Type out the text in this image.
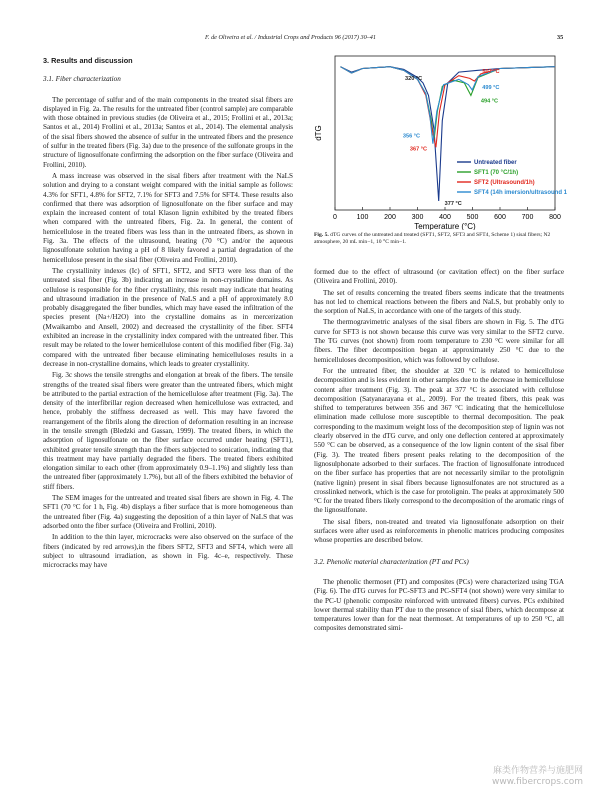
F. de Oliveira et al. / Industrial Crops and Products 96 (2017) 30–41	35
3. Results and discussion
3.1. Fiber characterization

The percentage of sulfur and of the main components in the treated sisal fibers are displayed in Fig. 2a. The results for the untreated fiber (control sample) are comparable with those obtained in previous studies (de Oliveira et al., 2015; Frollini et al., 2013a; Santos et al., 2014) Frollini et al., 2013a; Santos et al., 2014). The elemental analysis of the sisal fibers showed the absence of sulfur in the untreated fibers and the presence of sulfur in the treated fibers (Fig. 3a) due to the presence of the sulfonate groups in the structure of lignosulfonate confirming the adsorption on the fiber surface (Oliveira and Frollini, 2010).

A mass increase was observed in the sisal fibers after treatment with the NaLS solution and drying to a constant weight compared with the initial sample as follows: 4.3% for SFT1, 4.8% for SFT2, 7.1% for SFT3 and 7.5% for SFT4. These results also confirmed that there was adsorption of lignosulfonate on the fiber surface and may explain the increased content of total Klason lignin exhibited by the treated fibers when compared with the untreated fibers, Fig. 2a. In general, the content of hemicellulose in the treated fibers was less than in the untreated fibers, as shown in Fig. 3a. The effects of the ultrasound, heating (70 °C) and/or the aqueous lignosulfonate solution having a pH of 8 likely favored a partial degradation of the hemicellulose present in the sisal fiber (Oliveira and Frollini, 2010).

The crystallinity indexes (Ic) of SFT1, SFT2, and SFT3 were less than of the untreated sisal fiber (Fig. 3b) indicating an increase in non-crystalline domains. As cellulose is responsible for the fiber crystallinity, this result may indicate that heating and ultrasound irradiation in the presence of NaLS and a pH of approximately 8.0 probably disaggregated the fiber bundles, which may have eased the infiltration of the species present (Na+/H2O) into the crystalline domains as in mercerization (Mwaikambo and Ansell, 2002) and decreased the crystallinity of the fiber. SFT4 exhibited an increase in the crystallinity index compared with the untreated fiber. This result may be related to the lower hemicellulose content of this modified fiber (Fig. 3a) compared with the untreated fiber because eliminating hemicelluloses results in a decrease in non-crystalline domains, which leads to greater crystallinity.

Fig. 3c shows the tensile strengths and elongation at break of the fibers. The tensile strengths of the treated sisal fibers were greater than the untreated fibers, which might be attributed to the partial extraction of the hemicellulose after treatment (Fig. 3a). The density of the interfibrillar region decreased when hemicellulose was extracted, and hence, probably the stiffness decreased as well. This may have favored the rearrangement of the fibrils along the direction of deformation resulting in an increase in the tensile strength (Bledzki and Gassan, 1999). The treated fibers, in which the adsorption of lignosulfonate on the fiber surface occurred under heating (SFT1), exhibited greater tensile strength than the fibers subjected to sonication, indicating that this treatment may have partially degraded the fibers. The treated fibers exhibited elongation similar to each other (from approximately 0.9–1.1%) and slightly less than the untreated fiber (approximately 1.7%), but all of the fibers exhibited the behavior of stiff fibers.

The SEM images for the untreated and treated sisal fibers are shown in Fig. 4. The SFT1 (70 °C for 1 h, Fig. 4b) displays a fiber surface that is more homogeneous than the untreated fiber (Fig. 4a) suggesting the deposition of a thin layer of NaLS that was adsorbed onto the fiber surface (Oliveira and Frollini, 2010).

In addition to the thin layer, microcracks were also observed on the surface of the fibers (indicated by red arrows),in the fibers SFT2, SFT3 and SFT4, which were all subject to ultrasound irradiation, as shown in Fig. 4c–e, respectively. These microcracks may have

0	100 200 300 400 500 600 700 800
Temperature (°C)
dTG
320 °C
507 °C
499 °C
494 °C
356 °C
367 °C
377 °C
Untreated fiber
SFT1 (70 °C/1h)
SFT2 (Ultrasound/1h)
SFT4 (14h imersion/ultrasound 1h)
Fig. 5. dTG curves of the untreated and treated (SFT1, SFT2, SFT3 and SFT4, Scheme 1) sisal fibers; N2 atmosphere, 20 mL min−1, 10 °C min−1.

formed due to the effect of ultrasound (or cavitation effect) on the fiber surface (Oliveira and Frollini, 2010).

The set of results concerning the treated fibers seems indicate that the treatments has not led to chemical reactions between the fibers and NaLS, but probably only to the sorption of NaLS, in accordance with one of the targets of this study.

The thermogravimetric analyses of the sisal fibers are shown in Fig. 5. The dTG curve for SFT3 is not shown because this curve was very similar to the SFT2 curve. The TG curves (not shown) from room temperature to 230 °C were similar for all fibers. The fiber decomposition began at approximately 250 °C due to the hemicelluloses decomposition, which was followed by cellulose.

For the untreated fiber, the shoulder at 320 °C is related to hemicellulose decomposition and is less evident in other samples due to the decrease in hemicellulose content after treatment (Fig. 3). The peak at 377 °C is associated with cellulose decomposition (Satyanarayana et al., 2009). For the treated fibers, this peak was shifted to temperatures between 356 and 367 °C indicating that the hemicellulose elimination made cellulose more susceptible to thermal decomposition. The peak corresponding to the maximum weight loss of the decomposition step of lignin was not clearly observed in the dTG curve, and only one deflection centered at approximately 550 °C can be observed, as a consequence of the low lignin content of the sisal fiber (Fig. 3). The treated fibers present peaks relating to the decomposition of the lignosulphonate adsorbed to their surfaces. The fraction of lignosulfonate introduced on the fiber surface has properties that are not necessarily similar to the protolignin (native lignin) present in sisal fibers because lignosulfonates are not structured as a crosslinked network, which is the case for protolignin. The peaks at approximately 500 °C for the treated fibers likely correspond to the decomposition of the aromatic rings of the lignosulfonate.

The sisal fibers, non-treated and treated via lignosulfonate adsorption on their surfaces were after used as reinforcements in phenolic matrices producing composites whose properties are described below.

3.2. Phenolic material characterization (PT and PCs)

The phenolic thermoset (PT) and composites (PCs) were characterized using TGA (Fig. 6). The dTG curves for PC-SFT3 and PC-SFT4 (not shown) were very similar to the PC-U (phenolic composite reinforced with untreated fibers) curves. PCs exhibited lower thermal stability than PT due to the presence of sisal fibers, which decompose at temperatures lower than for the neat thermoset. At temperatures of up to 250 °C, all composites demonstrated simi-

麻类作物营养与施肥网
www.fibercrops.com
